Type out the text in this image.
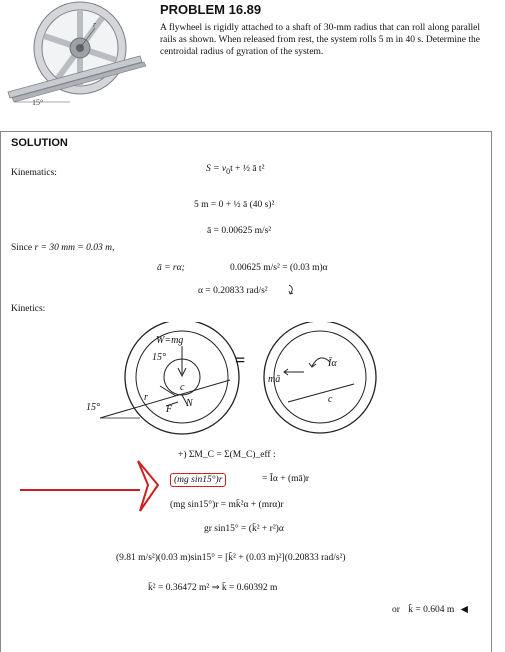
15°
r
PROBLEM 16.89
A flywheel is rigidly attached to a shaft of 30-mm radius that can roll along parallel rails as shown. When released from rest, the system rolls 5 m in 40 s. Determine the centroidal radius of gyration of the system.
SOLUTION
Kinematics:	$S = v_0t$ + ½ ā t²
5 m = 0 + ½ ā (40 s)²
ā = 0.00625 m/s²
Since r = 30 mm = 0.03 m,
ā = rα;	0.00625 m/s² = (0.03 m)α
α = 0.20833 rad/s²
Kinetics:
W=mg
15°
15°
=
c
F
N
r
Īα
mā
c
+) ΣM_C = Σ(M_C)_eff :
(mg sin15°)r	= Īα + (mā)r
(mg sin15°)r = mk̄²α + (mrα)r
gr sin15° = (k̄² + r²)α
(9.81 m/s²)(0.03 m)sin15° = [k̄² + (0.03 m)²](0.20833 rad/s²)
k̄² = 0.36472 m² ⇒ k̄ = 0.60392 m
or k̄ = 0.604 m ◀
